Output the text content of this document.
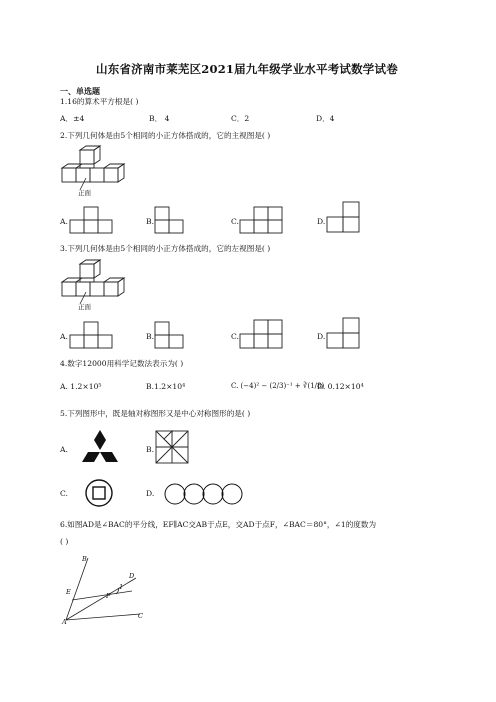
山东省济南市莱芜区2021届九年级学业水平考试数学试卷
一、单选题
1.16的算术平方根是( )
A．±4	B． 4	C．2	D．4
2.下列几何体是由5个相同的小正方体搭成的，它的主视图是( )
正面
A.	B.	C.	D.
3.下列几何体是由5个相同的小正方体搭成的，它的左视图是( )
正面
A.	B.	C.	D.
4.数字12000用科学记数法表示为( )
A. 1.2×10⁵	B.1.2×10⁴	C. (−4)² − (2/3)⁻¹ + ∛(1/8)
D. 0.12×10⁴
5.下列图形中，既是轴对称图形又是中心对称图形的是( )
A.	B.
C.	D.
6.如图AD是∠BAC的平分线，EF∥AC交AB于点E，交AD于点F，∠BAC＝80°，∠1的度数为
( )
B
D
E	F
1
A
C
